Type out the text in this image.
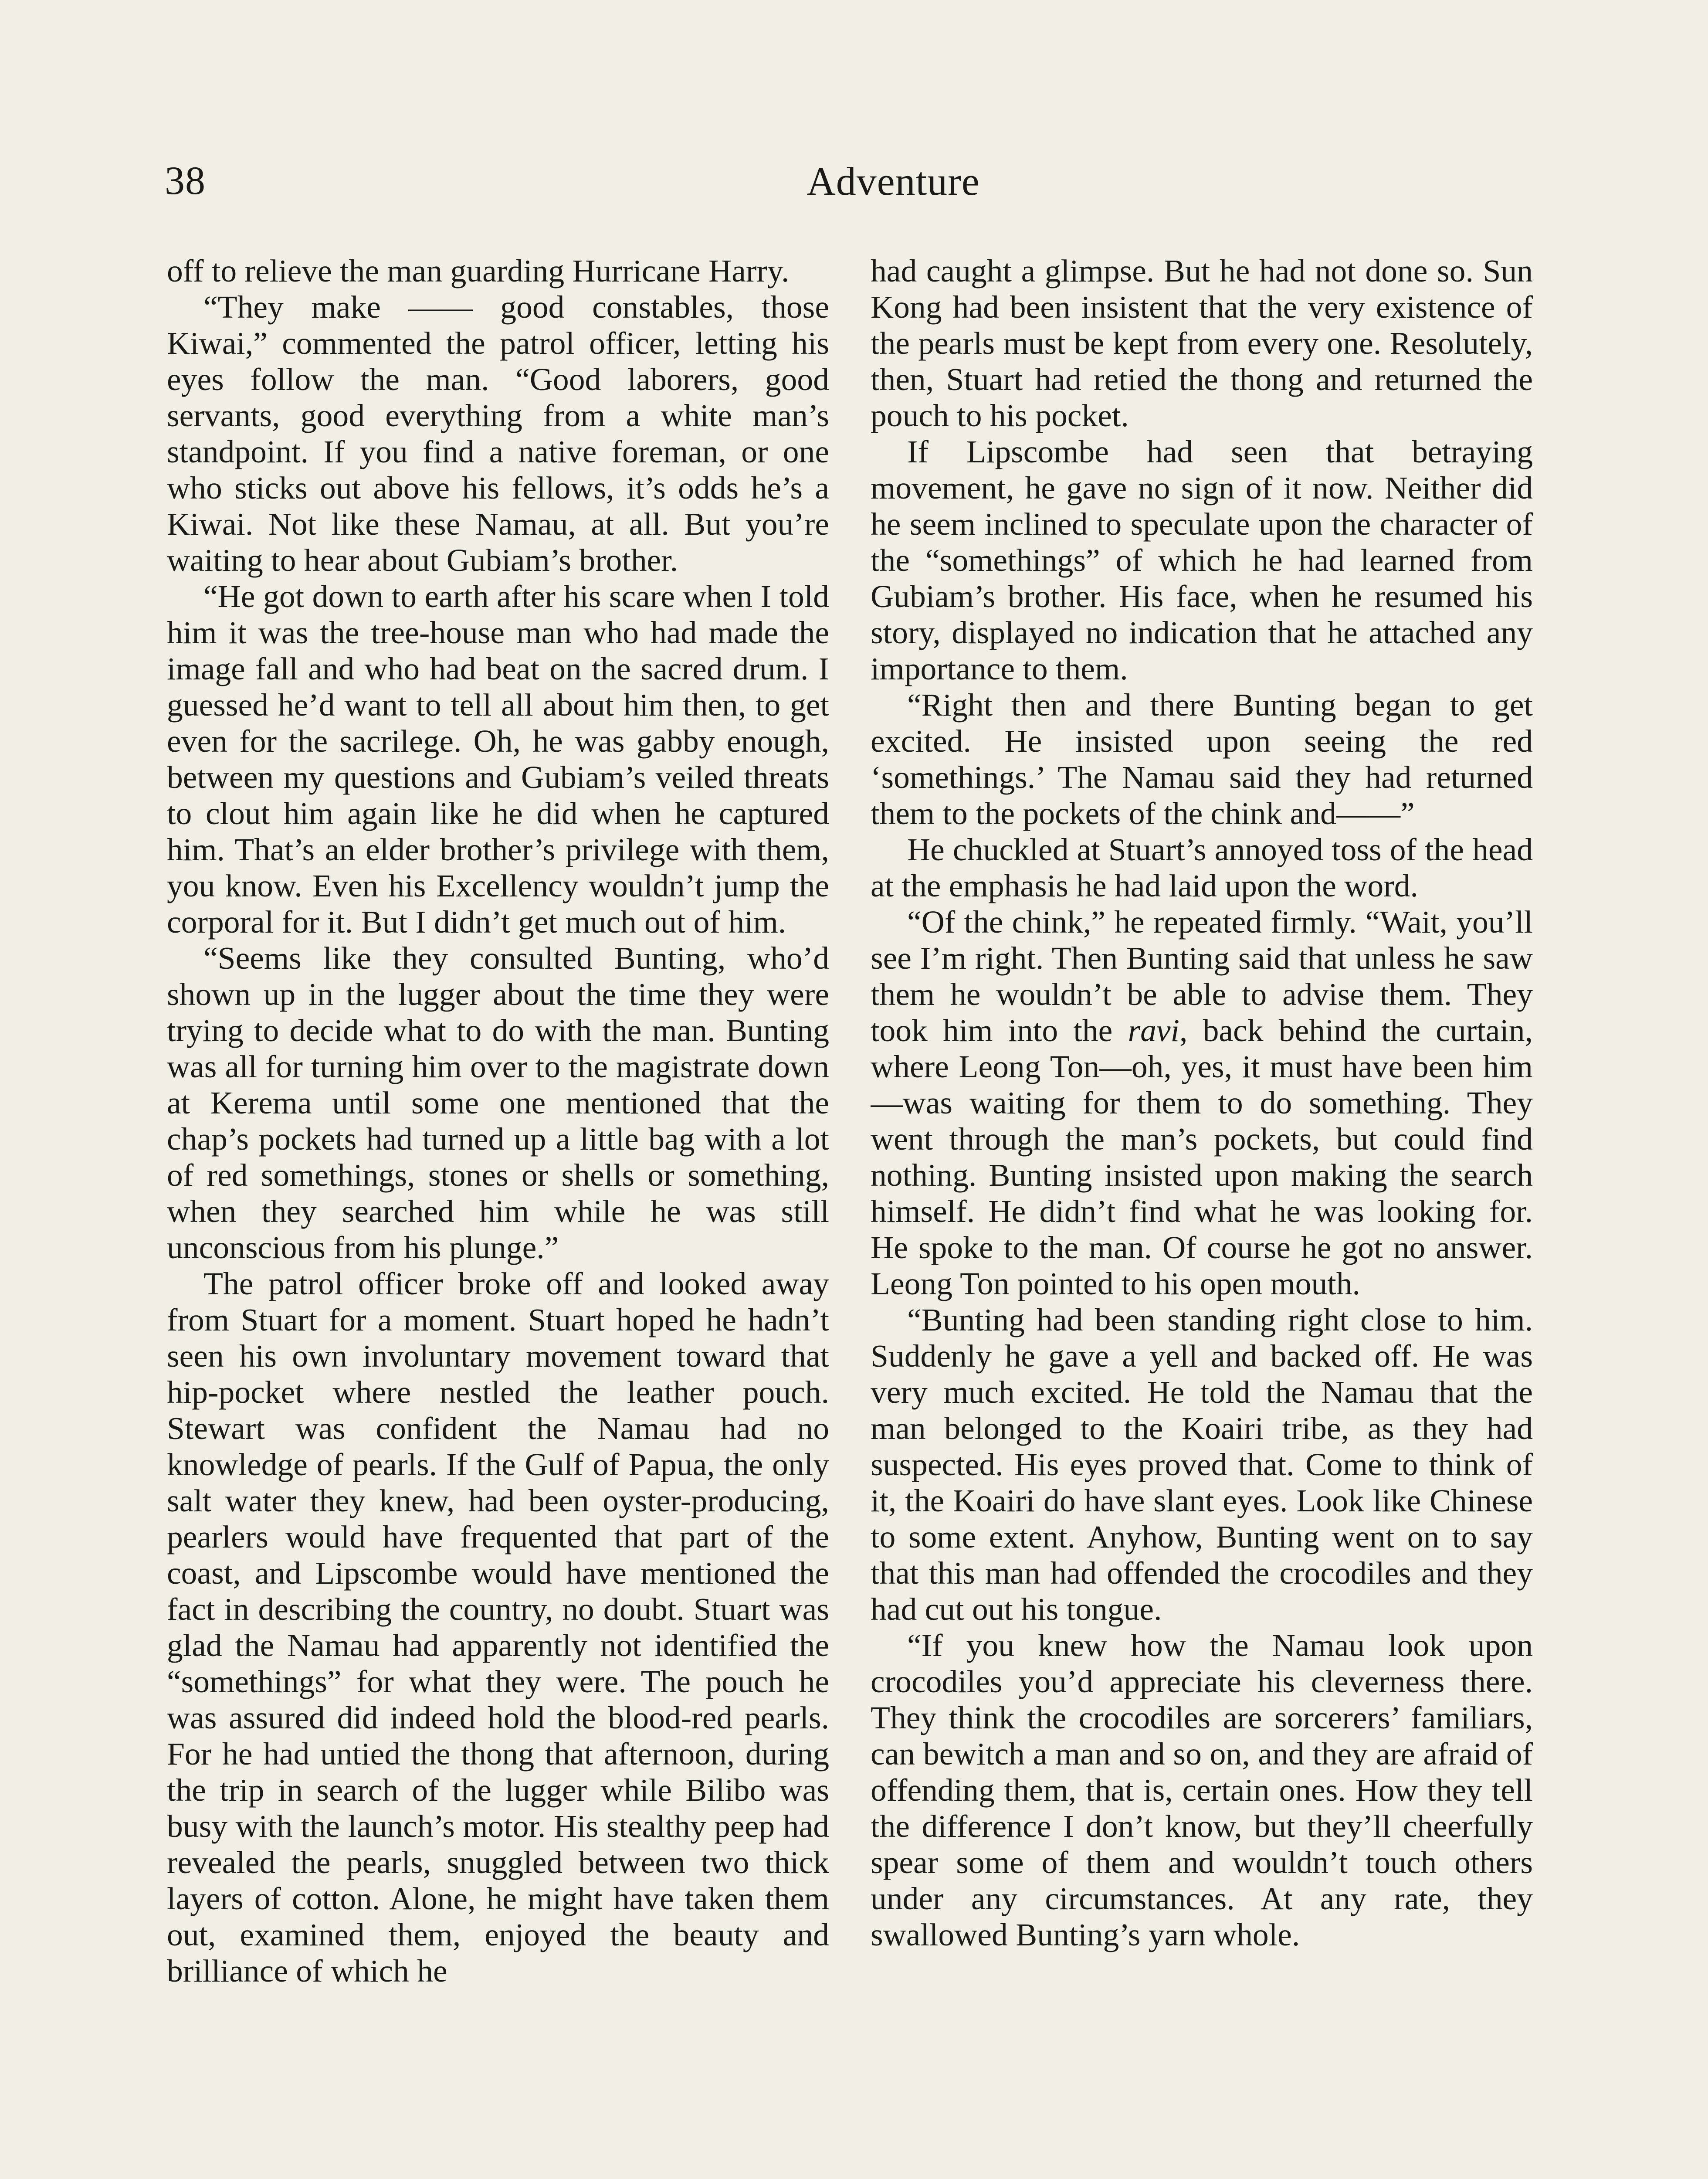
38	Adventure

off to relieve the man guarding Hurricane Harry.

“They make —— good constables, those Kiwai,” commented the patrol officer, letting his eyes follow the man. “Good laborers, good servants, good everything from a white man’s standpoint. If you find a native foreman, or one who sticks out above his fellows, it’s odds he’s a Kiwai. Not like these Namau, at all. But you’re waiting to hear about Gubiam’s brother.

“He got down to earth after his scare when I told him it was the tree-house man who had made the image fall and who had beat on the sacred drum. I guessed he’d want to tell all about him then, to get even for the sacrilege. Oh, he was gabby enough, between my questions and Gubiam’s veiled threats to clout him again like he did when he captured him. That’s an elder brother’s privilege with them, you know. Even his Excellency wouldn’t jump the corporal for it. But I didn’t get much out of him.

“Seems like they consulted Bunting, who’d shown up in the lugger about the time they were trying to decide what to do with the man. Bunting was all for turning him over to the magistrate down at Kerema until some one mentioned that the chap’s pockets had turned up a little bag with a lot of red somethings, stones or shells or something, when they searched him while he was still unconscious from his plunge.”

The patrol officer broke off and looked away from Stuart for a moment. Stuart hoped he hadn’t seen his own involuntary movement toward that hip-pocket where nestled the leather pouch. Stewart was confident the Namau had no knowledge of pearls. If the Gulf of Papua, the only salt water they knew, had been oyster-producing, pearlers would have frequented that part of the coast, and Lipscombe would have mentioned the fact in describing the country, no doubt. Stuart was glad the Namau had apparently not identified the “somethings” for what they were. The pouch he was assured did indeed hold the blood-red pearls. For he had untied the thong that afternoon, during the trip in search of the lugger while Bilibo was busy with the launch’s motor. His stealthy peep had revealed the pearls, snuggled between two thick layers of cotton. Alone, he might have taken them out, examined them, enjoyed the beauty and brilliance of which he

had caught a glimpse. But he had not done so. Sun Kong had been insistent that the very existence of the pearls must be kept from every one. Resolutely, then, Stuart had retied the thong and returned the pouch to his pocket.

If Lipscombe had seen that betraying movement, he gave no sign of it now. Neither did he seem inclined to speculate upon the character of the “somethings” of which he had learned from Gubiam’s brother. His face, when he resumed his story, displayed no indication that he attached any importance to them.

“Right then and there Bunting began to get excited. He insisted upon seeing the red ‘somethings.’ The Namau said they had returned them to the pockets of the chink and——”

He chuckled at Stuart’s annoyed toss of the head at the emphasis he had laid upon the word.

“Of the chink,” he repeated firmly. “Wait, you’ll see I’m right. Then Bunting said that unless he saw them he wouldn’t be able to advise them. They took him into the ravi, back behind the curtain, where Leong Ton—oh, yes, it must have been him—was waiting for them to do something. They went through the man’s pockets, but could find nothing. Bunting insisted upon making the search himself. He didn’t find what he was looking for. He spoke to the man. Of course he got no answer. Leong Ton pointed to his open mouth.

“Bunting had been standing right close to him. Suddenly he gave a yell and backed off. He was very much excited. He told the Namau that the man belonged to the Koairi tribe, as they had suspected. His eyes proved that. Come to think of it, the Koairi do have slant eyes. Look like Chinese to some extent. Anyhow, Bunting went on to say that this man had offended the crocodiles and they had cut out his tongue.

“If you knew how the Namau look upon crocodiles you’d appreciate his cleverness there. They think the crocodiles are sorcerers’ familiars, can bewitch a man and so on, and they are afraid of offending them, that is, certain ones. How they tell the difference I don’t know, but they’ll cheerfully spear some of them and wouldn’t touch others under any circumstances. At any rate, they swallowed Bunting’s yarn whole.
